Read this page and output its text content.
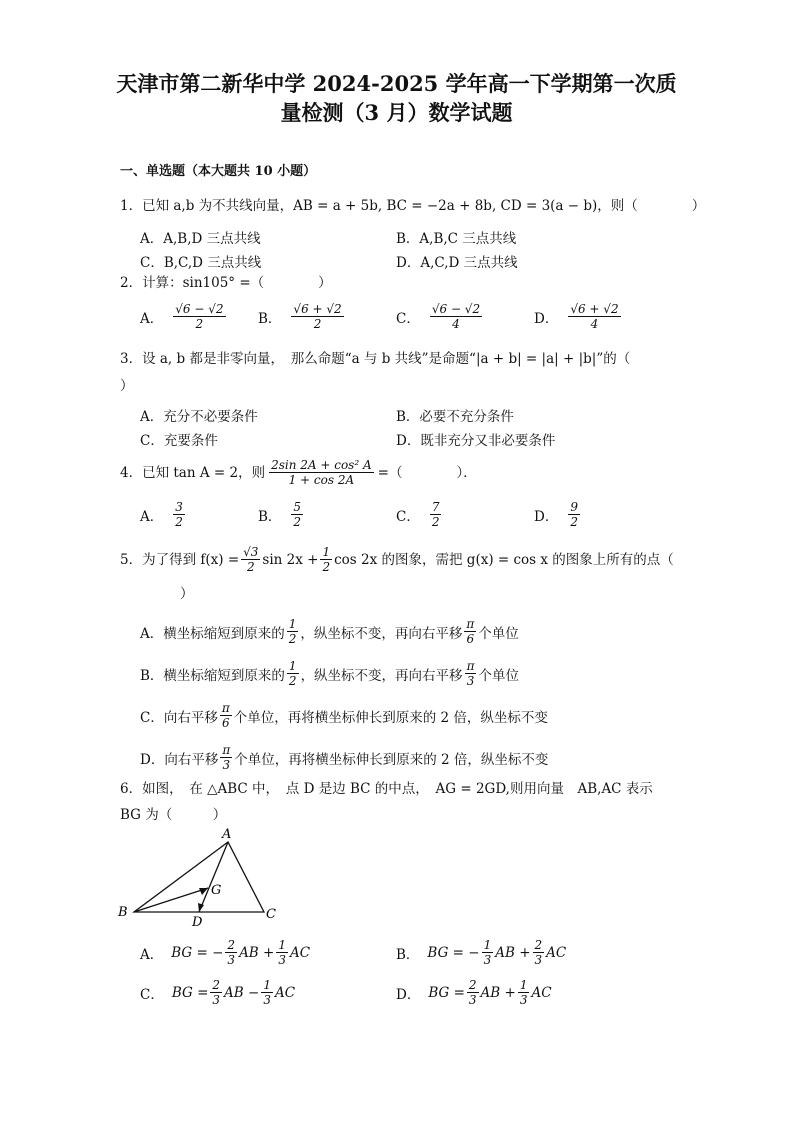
天津市第二新华中学 2024-2025 学年高一下学期第一次质
量检测（3 月）数学试题
一、单选题（本大题共 10 小题）
1．已知 a,b 为不共线向量，AB = a + 5b, BC = −2a + 8b, CD = 3(a − b)，则（　　　　）
A．A,B,D 三点共线	B．A,B,C 三点共线
C．B,C,D 三点共线	D．A,C,D 三点共线
2．计算：sin105° =（　　　　）
A． $\frac{√6 - √2}{2}$ B． $\frac{√6 + √2}{2}$	C． $\frac{√6 - √2}{4}$	D． $\frac{√6 + √2}{4}$
3．设 a, b 都是非零向量，　那么命题“a 与 b 共线”是命题“|a + b| = |a| + |b|”的（
）
A．充分不必要条件	B．必要不充分条件
C．充要条件	D．既非充分又非必要条件
4．已知 tan A = 2，则 $\frac{\text{2sin 2A + cos² A}}{1 + \cos 2A}$ =（　　　　）．
A． $\frac{3}{2}$	B． $\frac{5}{2}$	C． $\frac{7}{2}$	D． $\frac{9}{2}$
5．为了得到 $f(x) = \frac{√3}{2}$ $\sin 2x + \frac{1}{2}$ cos 2x 的图象，需把 g(x) = cos x 的图象上所有的点（
）
A．横坐标缩短到原来的 $\frac{1}{2}$ ，纵坐标不变，再向右平移 $\frac{\pi}{6}$ 个单位
B．横坐标缩短到原来的 $\frac{1}{2}$ ，纵坐标不变，再向右平移 $\frac{\pi}{3}$ 个单位
C．向右平移 $\frac{\pi}{6}$ 个单位，再将横坐标伸长到原来的 2 倍，纵坐标不变
D．向右平移 $\frac{\pi}{3}$ 个单位，再将横坐标伸长到原来的 2 倍，纵坐标不变
6．如图，　在 △ABC 中，　点 D 是边 BC 的中点，　AG = 2GD,则用向量　AB,AC 表示
BG 为（　　　）
A
B	C
D
G
A． BG = − $\frac{2}{3}$ AB + $\frac{1}{3}$ AC	B． BG = − $\frac{1}{3}$ AB + $\frac{2}{3}$ AC
C． BG = $\frac{2}{3}$ AB − $\frac{1}{3}$ AC	D． BG = $\frac{2}{3}$ AB + $\frac{1}{3}$ AC
